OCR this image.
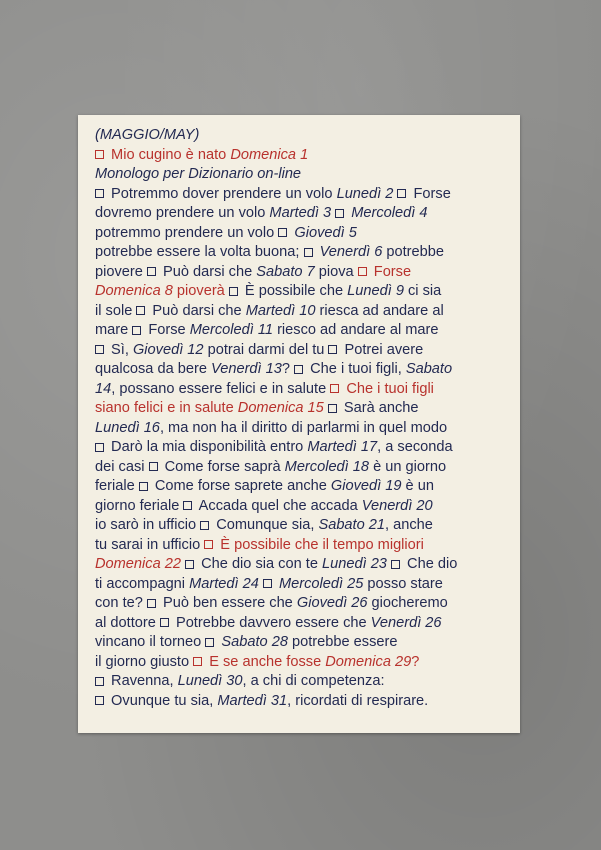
(MAGGIO/MAY)
Mio cugino è nato Domenica 1
Monologo per Dizionario on-line
Potremmo dover prendere un volo Lunedì 2  Forse
dovremo prendere un volo Martedì 3 Mercoledì 4
potremmo prendere un volo  Giovedì 5
potrebbe essere la volta buona;  Venerdì 6 potrebbe
piovere  Può darsi che Sabato 7 piova  Forse
Domenica 8 pioverà  È possibile che Lunedì 9 ci sia
il sole  Può darsi che Martedì 10 riesca ad andare al
mare  Forse Mercoledì 11 riesco ad andare al mare
Sì, Giovedì 12 potrai darmi del tu  Potrei avere
qualcosa da bere Venerdì 13?  Che i tuoi figli, Sabato
14, possano essere felici e in salute  Che i tuoi figli
siano felici e in salute Domenica 15  Sarà anche
Lunedì 16, ma non ha il diritto di parlarmi in quel modo
Darò la mia disponibilità entro Martedì 17, a seconda
dei casi  Come forse saprà Mercoledì 18 è un giorno
feriale  Come forse saprete anche Giovedì 19 è un
giorno feriale  Accada quel che accada Venerdì 20
io sarò in ufficio  Comunque sia, Sabato 21, anche
tu sarai in ufficio  È possibile che il tempo migliori
Domenica 22  Che dio sia con te Lunedì 23  Che dio
ti accompagni Martedì 24 Mercoledì 25 posso stare
con te?  Può ben essere che Giovedì 26 giocheremo
al dottore  Potrebbe davvero essere che Venerdì 26
vincano il torneo  Sabato 28 potrebbe essere
il giorno giusto  E se anche fosse Domenica 29?
Ravenna, Lunedì 30, a chi di competenza:
Ovunque tu sia, Martedì 31, ricordati di respirare.
